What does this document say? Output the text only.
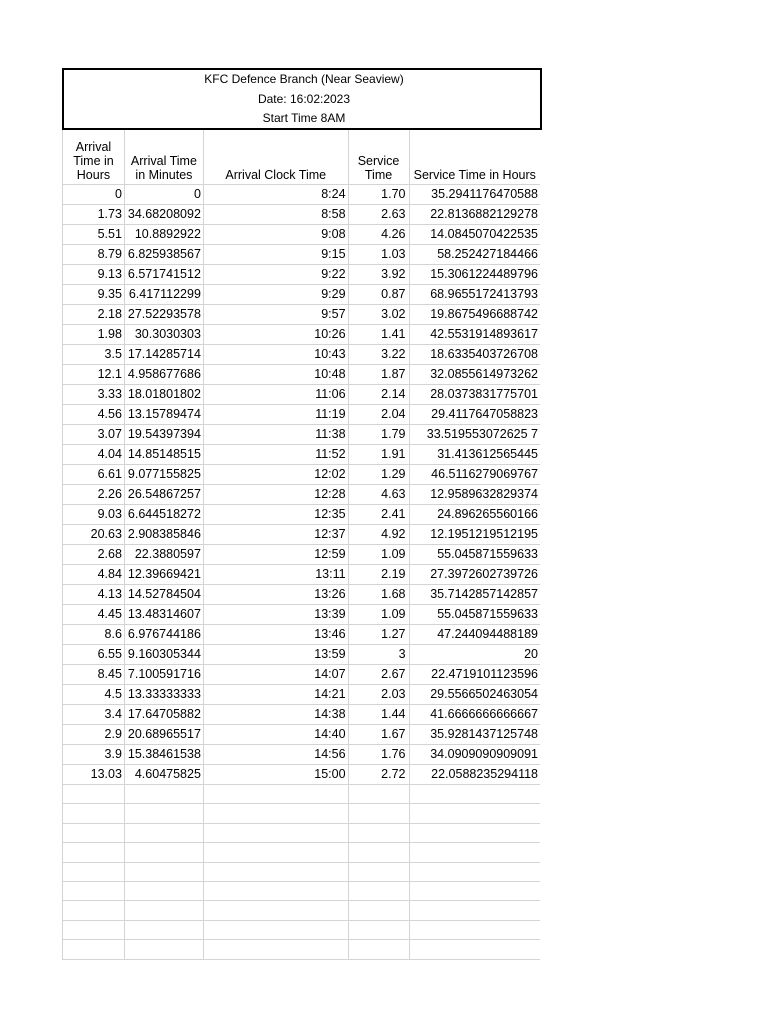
KFC Defence Branch (Near Seaview)
Date: 16:02:2023
Start Time 8AM
Arrival Time in Hours	Arrival Time in Minutes	Arrival Clock Time	Service Time	Service Time in Hours
0	0	8:24	1.70	35.2941176470588
1.73	34.68208092	8:58	2.63	22.8136882129278
5.51	10.8892922	9:08	4.26	14.0845070422535
8.79	6.825938567	9:15	1.03	58.252427184466
9.13	6.571741512	9:22	3.92	15.3061224489796
9.35	6.417112299	9:29	0.87	68.9655172413793
2.18	27.52293578	9:57	3.02	19.8675496688742
1.98	30.3030303	10:26	1.41	42.5531914893617
3.5	17.14285714	10:43	3.22	18.6335403726708
12.1	4.958677686	10:48	1.87	32.0855614973262
3.33	18.01801802	11:06	2.14	28.0373831775701
4.56	13.15789474	11:19	2.04	29.4117647058823
3.07	19.54397394	11:38	1.79	33.519553072625 7
4.04	14.85148515	11:52	1.91	31.413612565445
6.61	9.077155825	12:02	1.29	46.5116279069767
2.26	26.54867257	12:28	4.63	12.9589632829374
9.03	6.644518272	12:35	2.41	24.896265560166
20.63	2.908385846	12:37	4.92	12.1951219512195
2.68	22.3880597	12:59	1.09	55.045871559633
4.84	12.39669421	13:11	2.19	27.3972602739726
4.13	14.52784504	13:26	1.68	35.7142857142857
4.45	13.48314607	13:39	1.09	55.045871559633
8.6	6.976744186	13:46	1.27	47.244094488189
6.55	9.160305344	13:59	3	20
8.45	7.100591716	14:07	2.67	22.4719101123596
4.5	13.33333333	14:21	2.03	29.5566502463054
3.4	17.64705882	14:38	1.44	41.6666666666667
2.9	20.68965517	14:40	1.67	35.9281437125748
3.9	15.38461538	14:56	1.76	34.0909090909091
13.03	4.60475825	15:00	2.72	22.0588235294118
